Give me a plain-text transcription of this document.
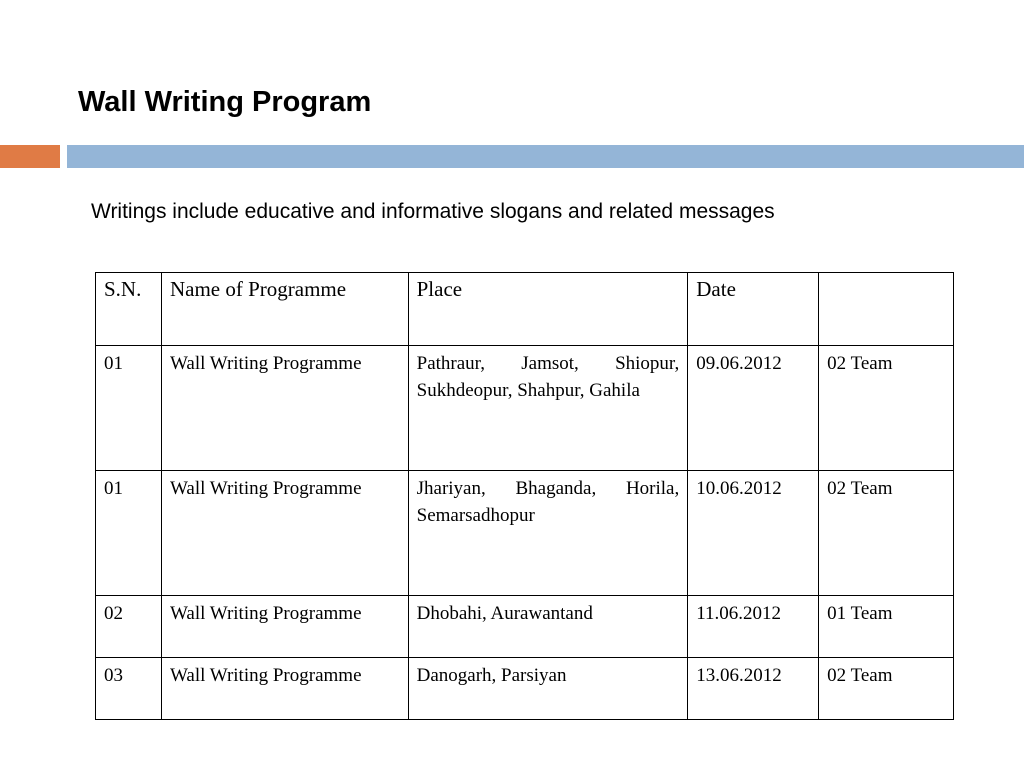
Wall Writing Program
Writings include educative and informative slogans and related messages
S.N.	Name of Programme	Place	Date	
01	Wall Writing Programme	Pathraur, Jamsot, Shiopur, Sukhdeopur, Shahpur, Gahila	09.06.2012	02 Team
01	Wall Writing Programme	Jhariyan, Bhaganda, Horila, Semarsadhopur	10.06.2012	02 Team
02	Wall Writing Programme	Dhobahi, Aurawantand	11.06.2012	01 Team
03	Wall Writing Programme	Danogarh, Parsiyan	13.06.2012	02 Team
